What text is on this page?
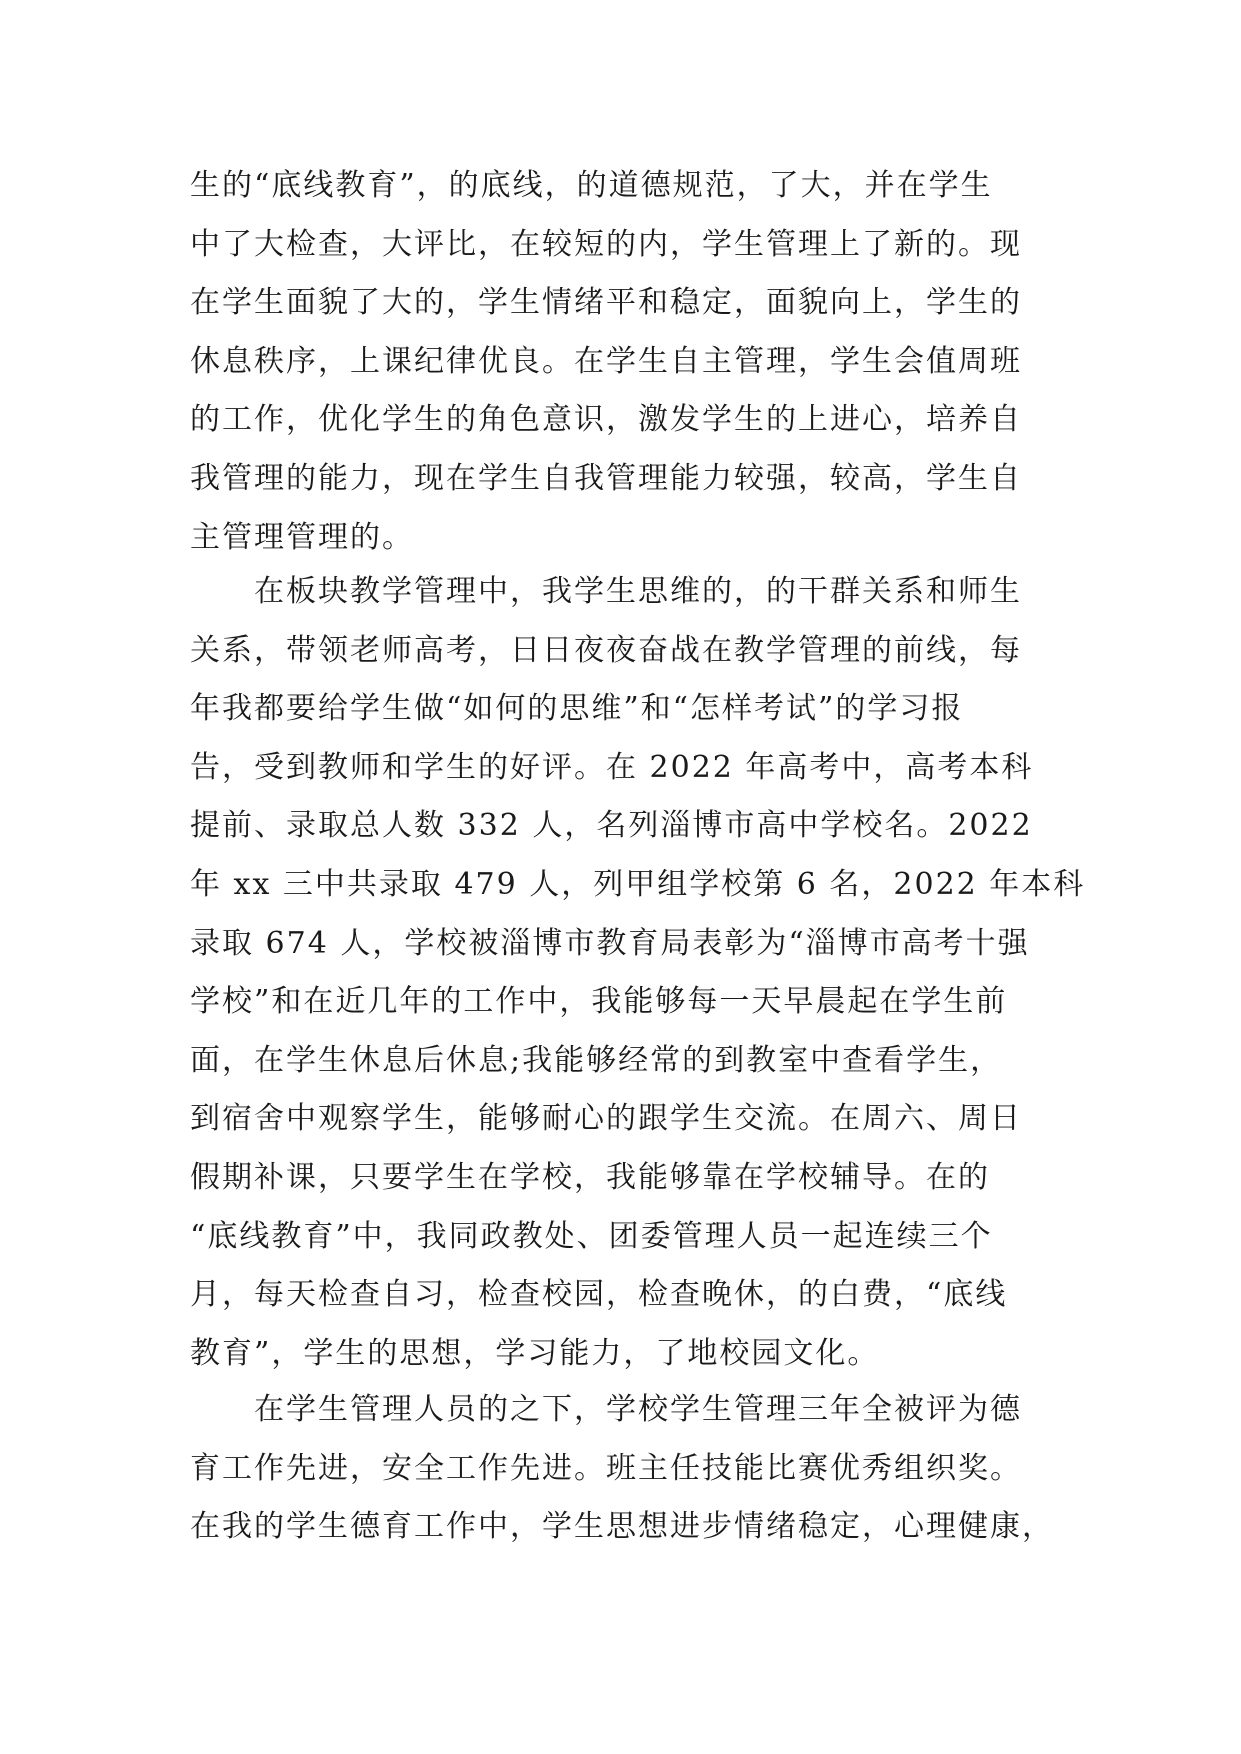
生的“底线教育”，的底线，的道德规范，了大，并在学生
中了大检查，大评比，在较短的内，学生管理上了新的。现
在学生面貌了大的，学生情绪平和稳定，面貌向上，学生的
休息秩序，上课纪律优良。在学生自主管理，学生会值周班
的工作，优化学生的角色意识，激发学生的上进心，培养自
我管理的能力，现在学生自我管理能力较强，较高，学生自
主管理管理的。
在板块教学管理中，我学生思维的，的干群关系和师生
关系，带领老师高考，日日夜夜奋战在教学管理的前线，每
年我都要给学生做“如何的思维”和“怎样考试”的学习报
告，受到教师和学生的好评。在 2022 年高考中，高考本科
提前、录取总人数 332 人，名列淄博市高中学校名。2022
年 xx 三中共录取 479 人，列甲组学校第 6 名，2022 年本科
录取 674 人，学校被淄博市教育局表彰为“淄博市高考十强
学校”和在近几年的工作中，我能够每一天早晨起在学生前
面，在学生休息后休息;我能够经常的到教室中查看学生，
到宿舍中观察学生，能够耐心的跟学生交流。在周六、周日
假期补课，只要学生在学校，我能够靠在学校辅导。在的
“底线教育”中，我同政教处、团委管理人员一起连续三个
月，每天检查自习，检查校园，检查晚休，的白费，“底线
教育”，学生的思想，学习能力，了地校园文化。
在学生管理人员的之下，学校学生管理三年全被评为德
育工作先进，安全工作先进。班主任技能比赛优秀组织奖。
在我的学生德育工作中，学生思想进步情绪稳定，心理健康，
